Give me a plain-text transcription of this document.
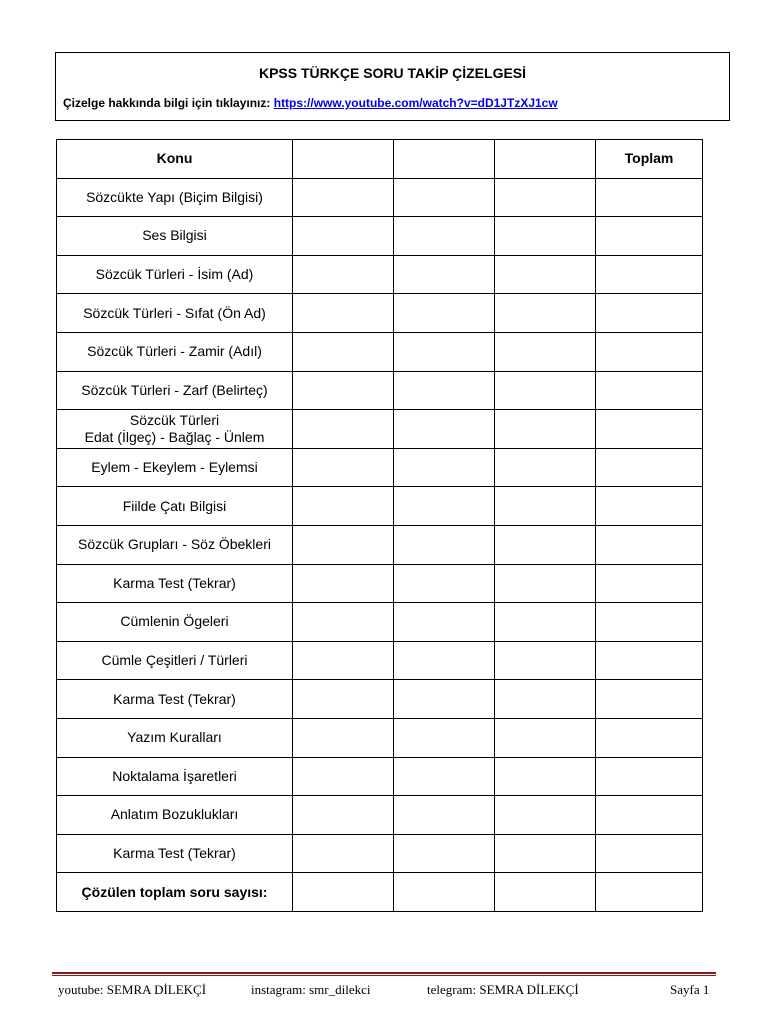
KPSS TÜRKÇE SORU TAKİP ÇİZELGESİ
Çizelge hakkında bilgi için tıklayınız: https://www.youtube.com/watch?v=dD1JTzXJ1cw
Konu				Toplam
Sözcükte Yapı (Biçim Bilgisi)				
Ses Bilgisi				
Sözcük Türleri - İsim (Ad)				
Sözcük Türleri - Sıfat (Ön Ad)				
Sözcük Türleri - Zamir (Adıl)				
Sözcük Türleri - Zarf (Belirteç)				

Sözcük Türleri
Edat (İlgeç) - Bağlaç - Ünlem				

Eylem - Ekeylem - Eylemsi				
Fiilde Çatı Bilgisi				
Sözcük Grupları - Söz Öbekleri				
Karma Test (Tekrar)				
Cümlenin Ögeleri				
Cümle Çeşitleri / Türleri				
Karma Test (Tekrar)				
Yazım Kuralları				
Noktalama İşaretleri				
Anlatım Bozuklukları				
Karma Test (Tekrar)				
Çözülen toplam soru sayısı:				
youtube: SEMRA DİLEKÇİ	instagram: smr_dilekci	telegram: SEMRA DİLEKÇİ	Sayfa 1
